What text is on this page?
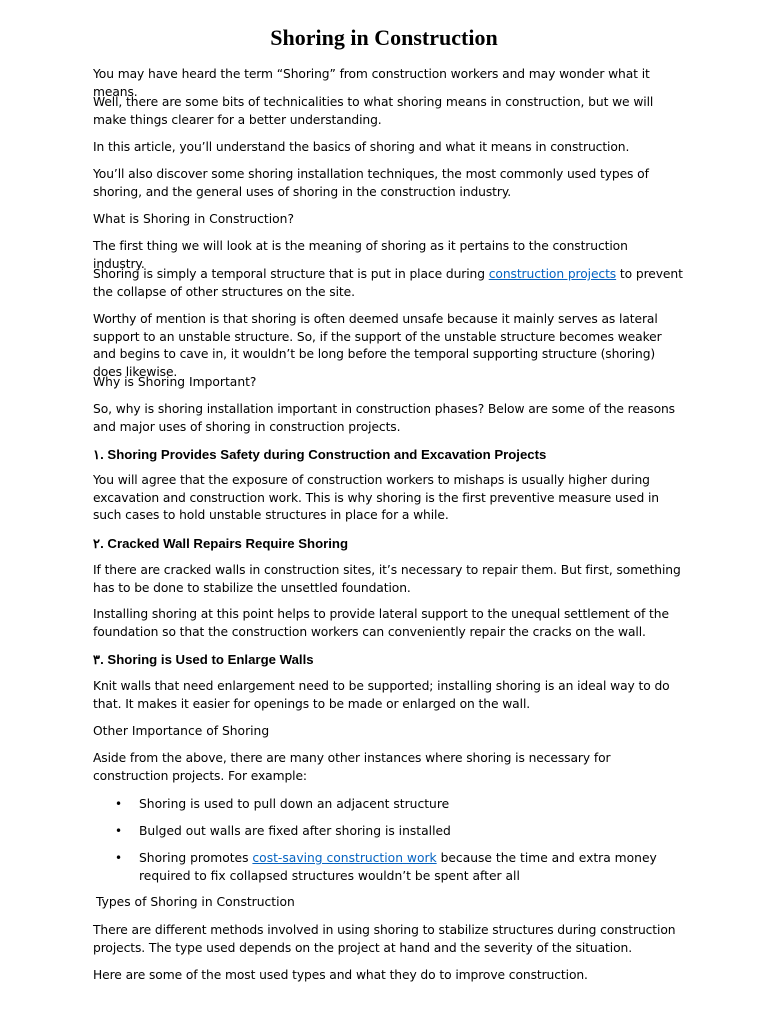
Shoring in Construction

You may have heard the term “Shoring” from construction workers and may wonder what it means.

Well, there are some bits of technicalities to what shoring means in construction, but we will make things clearer for a better understanding.

In this article, you’ll understand the basics of shoring and what it means in construction.

You’ll also discover some shoring installation techniques, the most commonly used types of shoring, and the general uses of shoring in the construction industry.

What is Shoring in Construction?

The first thing we will look at is the meaning of shoring as it pertains to the construction industry.

Shoring is simply a temporal structure that is put in place during construction projects to prevent the collapse of other structures on the site.

Worthy of mention is that shoring is often deemed unsafe because it mainly serves as lateral support to an unstable structure. So, if the support of the unstable structure becomes weaker and begins to cave in, it wouldn’t be long before the temporal supporting structure (shoring) does likewise.

Why is Shoring Important?

So, why is shoring installation important in construction phases? Below are some of the reasons and major uses of shoring in construction projects.

١. Shoring Provides Safety during Construction and Excavation Projects

You will agree that the exposure of construction workers to mishaps is usually higher during excavation and construction work. This is why shoring is the first preventive measure used in such cases to hold unstable structures in place for a while.

٢. Cracked Wall Repairs Require Shoring

If there are cracked walls in construction sites, it’s necessary to repair them. But first, something has to be done to stabilize the unsettled foundation.

Installing shoring at this point helps to provide lateral support to the unequal settlement of the foundation so that the construction workers can conveniently repair the cracks on the wall.

٣. Shoring is Used to Enlarge Walls

Knit walls that need enlargement need to be supported; installing shoring is an ideal way to do that. It makes it easier for openings to be made or enlarged on the wall.

Other Importance of Shoring

Aside from the above, there are many other instances where shoring is necessary for construction projects. For example:

• Shoring is used to pull down an adjacent structure

• Bulged out walls are fixed after shoring is installed

• Shoring promotes cost-saving construction work because the time and extra money required to fix collapsed structures wouldn’t be spent after all

Types of Shoring in Construction

There are different methods involved in using shoring to stabilize structures during construction projects. The type used depends on the project at hand and the severity of the situation.

Here are some of the most used types and what they do to improve construction.
